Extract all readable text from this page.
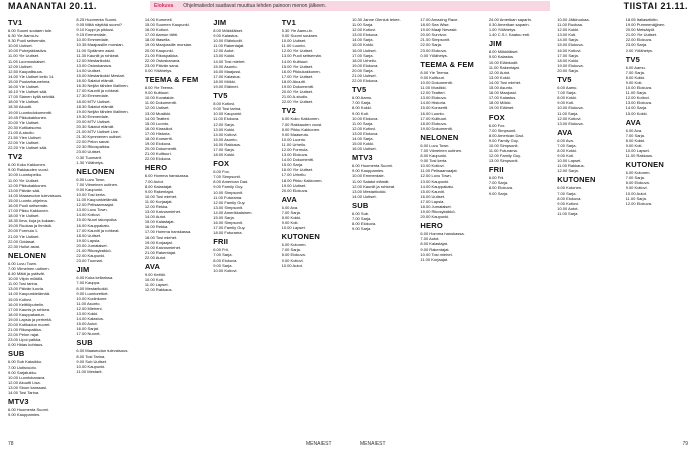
MAANANTAI 20.11.	Elokuva Ohjelmatiedot saattavat muuttua lehden painoon menon jälkeen.	TIISTAI 21.11.
TV1
6.00 Suomi soutaen tule.
6.30 Yle Aamu-tv.
9.30 Puoli seitsemän.
10.00 Uutiset.
10.00 Puhejakkasiiva.
11.00 Yle Uutiset.
11.05 Luonnoskaiset.
12.00 Uutiset.
12.50 Kaupallisuus.
14.00 Yle Uutiset kello 14.
15.00 Puutarhaunelmia.
16.00 Yle Uutiset.
16.10 Yle Uutiset sää.
17.00 Sianen kyllä selviää.
18.00 Yle Uutiset.
18.30 Akuutti.
19.00 Luontodokumentti.
19.45 Pikkukakkonen.
20.00 Yle Uutiset.
20.30 Kotikatsomo.
21.00 A-studio.
21.50 Ylen Uutiset.
22.00 Yle Uutiset.
22.20 Yle Uutiset sää.
TV2
6.00 Koko Kakkonen.
9.00 Rakkauden vuosi.
10.00 Luontopelko.
11.00 Yle Uutiset.
12.00 Pikkukakkonen.
13.00 Päivän sää.
14.00 Maaseudun tulevaisuus.
15.00 Luonto-ohjelma.
16.00 Puoli seitsemän.
17.00 Pikku Kakkonen.
18.00 Yle Uutiset.
18.30 Ilma, kuja ja kukaan.
19.00 Ruokaa ja ihmisiä.
20.00 Formula 1.
21.00 Yle Uutiset.
22.00 Oddasat.
22.30 Hullut asiat.
NELONEN
6.00 Luvu Town.
7.00 Viimeinen uutinen.
8.40 Mätä ja ystävät.
10.00 Vilpin mökillä.
11.00 Tosi tarina.
13.00 Päivän luovia.
14.00 Kaupunkielämää.
15.00 Kotiovi.
16.00 Keittiöpuhelin.
17.00 Kaunis ja rohkea.
18.00 Kauppakadun.
19.00 Lapsia ja perheitä.
20.00 Kotikadun nuoret.
21.00 Rikospaikka.
22.00 Pelon rajat.
23.00 Lipoi paikka.
0.00 Hidas kohtaus.
SUB
6.00 Sub Kaksikko.
7.00 Uutisvuoto.
9.00 Sarjatukku.
10.00 Luontokanava.
12.00 Akuutti Lisa.
13.00 Sinun kanssasi.
14.00 Tosi Tarina.
MTV3
6.00 Huomenta Suomi.
9.00 Kauppamies.
8.25 Huomenta Suomi.
9.05 Miltä näyttää suomi?
9.10 Kuppi ja pikkusi.
9.15 Emmerdale.
10.00 Emmerdale.
10.35 Maajussille morsian.
11.00 Sydämen asiat.
11.30 Kauniit ja rohkeat.
12.00 Mestarikokki.
13.00 Ostoskanava.
14.00 Uutiset.
15.00 Mestarikokki Mestari.
16.00 Salatut elämät.
16.30 Neljän tähden illallinen.
17.00 Kauniit ja rohkeat.
17.30 Emmerdale.
18.00 MTV Uutiset.
18.30 Salatut elämät.
19.00 Neljän tähden illallinen.
19.30 Emmerdale.
20.00 MTV Uutiset.
20.30 Salatut elämät.
21.00 MTV Uutiset Live.
21.30 Kymmenen uutiset.
22.00 Pelon sanat.
22.30 Rikospaikka.
23.00 Uutiset.
0.30 Tuomarit.
1.30 Yölähetys.
NELONEN
6.00 Luvu Town.
7.00 Viimeinen uutinen.
9.00 Kaupunki.
10.00 Tosi kerta.
11.00 Kaupunkielämää.
12.00 Pelisaarnaajat.
13.00 Luvu Town.
14.00 Kotiovi.
15.00 Nuori talonpoika.
16.00 Kauppakatu.
17.00 Kauniit ja rohkeat.
18.00 Uutiset.
19.00 Lapsia.
20.00 Jumalaiset.
21.00 Rikosyksikkö.
22.00 Kaupunki.
23.00 Tuomari.
JIM
6.00 Kuka kellarissa.
7.00 Kauppa.
8.00 Mestarikokki.
9.00 Luontoretket.
10.00 Kodinkone.
11.00 Asunto.
12.00 Mieheni.
13.00 Kokki.
14.00 Kalastus.
15.00 Autot.
16.00 Sarjat.
17.00 Nuoret.
SUB
6.00 Maaseudun tulevaisuus.
8.00 Tosi Tarina.
9.00 Sub Uutiset.
10.00 Kaupunki.
11.00 Mestarit.
14.00 Kummeli.
15.00 Suomen Kaupunki.
16.00 Kotiovi.
17.00 Aamun tähti.
18.00 Iltasella.
19.00 Maajussille morsian.
20.00 Kaupunki.
21.00 Rikospaikka.
22.00 Ostoskanava.
23.00 Päivän sana.
0.00 Yölähetys.
TEEMA & FEM
8.00 Yle Teema.
9.00 Kulttuuri.
10.00 Kuvataide.
11.00 Dokumentti.
12.00 Uutiset.
13.00 Musiikki.
14.00 Teatteri.
15.00 Luonto.
16.00 Klassikot.
17.00 Historia.
18.00 Konsertti.
19.00 Elokuva.
20.00 Dokumentti.
21.00 Kulttuuri.
22.00 Elokuva.
HERO
6.00 Homma hanskassa.
7.00 Autot.
8.00 Kalastajat.
9.00 Rakentajat.
10.00 Tosi miehet.
11.00 Korjaajat.
12.00 Rekka.
13.00 Kaivosmiehet.
14.00 Autot.
15.00 Kalastajat.
16.00 Rekka.
17.00 Homma hanskassa.
18.00 Tosi miehet.
19.00 Korjaajat.
20.00 Kaivosmiehet.
21.00 Rakentajat.
22.00 Autot.
AVA
9.00 Keittiö.
10.00 Koti.
11.00 Lapset.
12.00 Rakkaus.
JIM
8.00 Mökkiläiset.
9.00 Kalastus.
10.00 Eläinkodit.
11.00 Rakentajat.
12.00 Autot.
13.00 Kokki.
14.00 Tosi miehet.
15.00 Asunto.
16.00 Maajussi.
17.00 Kalastus.
18.00 Mökki.
19.00 Eläimet.
TV5
8.00 Kotiovi.
9.00 Tosi tarina.
10.00 Kaupunki.
11.00 Elokuva.
12.00 Sarja.
13.00 Kokki.
14.00 Kotiovi.
15.00 Asunto.
16.00 Rakkaus.
17.00 Sarja.
18.00 Kokki.
FOX
6.00 Fox.
7.00 Simpsonit.
8.00 American Dad.
9.00 Family Guy.
10.00 Simpsonit.
11.00 Futurama.
12.00 Family Guy.
13.00 Simpsonit.
14.00 Amerikkalainen.
15.00 Sarja.
16.00 Simpsonit.
17.00 Family Guy.
18.00 Futurama.
FRII
6.00 Frii.
7.00 Sarja.
8.00 Elokuva.
9.00 Sarja.
10.00 Kotiovi.
TV1
5.30 Yle Aamu-tv.
9.00 Suomi soutaen.
10.00 Uutiset.
11.00 Luonto.
12.00 Yle Uutiset.
13.00 Puoli seitsemän.
14.00 Kulttuuri.
15.00 Yle Uutiset.
16.00 Pikkukakkonen.
17.00 Yle Uutiset.
18.00 Akuutti.
19.00 Dokumentti.
20.00 Yle Uutiset.
21.00 A-studio.
22.00 Yle Uutiset.
TV2
6.00 Koko Kakkonen.
7.00 Rakkauden vuosi.
8.00 Pikku Kakkonen.
9.00 Maaseutu.
10.00 Luonto.
11.00 Urheilu.
12.00 Formula.
13.00 Elokuva.
14.00 Dokumentti.
15.00 Sarja.
16.00 Yle Uutiset.
17.00 Urheilu.
18.00 Pikku Kakkonen.
19.00 Uutiset.
20.00 Elokuva.
AVA
6.00 Ava.
7.00 Sarja.
8.00 Kokki.
9.00 Koti.
10.00 Lapset.
KUTONEN
6.00 Kutonen.
7.00 Sarja.
8.00 Elokuva.
9.00 Kotiovi.
10.00 Autot.
10.30 Janne Oleniuk tekee.
11.00 Sarja.
12.00 Kotiovi.
13.00 Elokuva.
14.00 Sarja.
15.00 Kokki.
16.00 Uutiset.
17.00 Sarja.
18.00 Urheilu.
19.00 Elokuva.
20.00 Sarja.
21.00 Uutiset.
22.00 Elokuva.
TV5
6.00 Aamu.
7.00 Sarja.
8.00 Kokki.
9.00 Koti.
10.00 Elokuva.
11.00 Sarja.
12.00 Kotiovi.
13.00 Elokuva.
14.00 Sarja.
15.00 Kokki.
16.00 Uutiset.
MTV3
6.00 Huomenta Suomi.
9.00 Kauppamies.
10.00 Emmerdale.
11.00 Salatut elämät.
12.00 Kauniit ja rohkeat.
13.00 Mestarikokki.
14.00 Uutiset.
SUB
6.00 Sub.
7.00 Sarja.
8.00 Elokuva.
9.00 Sarja.
17.00 Amazing Race.
18.00 Sea Wise.
19.00 Maaji Nevaski.
20.00 Survivor.
21.00 Simpsonit.
22.00 Sarja.
23.00 Elokuva.
0.00 Yölähetys.
TEEMA & FEM
8.00 Yle Teema.
9.00 Kulttuuri.
10.00 Dokumentti.
11.00 Musiikki.
12.00 Teatteri.
13.00 Elokuva.
14.00 Historia.
15.00 Konsertti.
16.00 Luonto.
17.00 Kulttuuri.
18.00 Elokuva.
19.00 Dokumentti.
NELONEN
6.00 Luvu Town.
7.00 Viimeinen uutinen.
8.00 Kaupunki.
9.00 Tosi kerta.
10.00 Kotiovi.
11.00 Pelisaarnaajat.
12.00 Luvu Town.
13.00 Kaupunki.
14.00 Kauppakatu.
15.00 Kauniit.
16.00 Uutiset.
17.00 Lapsia.
18.00 Jumalaiset.
19.00 Rikosyksikkö.
20.00 Kaupunki.
HERO
6.00 Homma hanskassa.
7.00 Autot.
8.00 Kalastajat.
9.00 Rakentajat.
10.00 Tosi miehet.
11.00 Korjaajat.
24.00 Amerikan saparin.
0.30 Amerikan saparin.
1.00 Yölähetys.
1.40 C.S.I. Kaatuu enti.
JIM
8.00 Mökkiläiset.
9.00 Kalastus.
10.00 Eläinkodit.
11.00 Rakentajat.
12.00 Autot.
13.00 Kokki.
14.00 Tosi miehet.
15.00 Asunto.
16.00 Maajussi.
17.00 Kalastus.
18.00 Mökki.
19.00 Eläimet.
FOX
6.00 Fox.
7.00 Simpsonit.
8.00 American Dad.
9.00 Family Guy.
10.00 Simpsonit.
11.00 Futurama.
12.00 Family Guy.
13.00 Simpsonit.
FRII
6.00 Frii.
7.00 Sarja.
8.00 Elokuva.
9.00 Sarja.
10.00 Jälkiruokaa.
11.00 Ruokaa.
12.00 Kokki.
13.00 Koti.
14.00 Sarja.
15.00 Elokuva.
16.00 Kotiovi.
17.00 Sarja.
18.00 Kokki.
19.00 Elokuva.
20.00 Sarja.
TV5
6.00 Aamu.
7.00 Sarja.
8.00 Kokki.
9.00 Koti.
10.00 Elokuva.
11.00 Sarja.
12.00 Kotiovi.
13.00 Elokuva.
AVA
6.00 Ava.
7.00 Sarja.
8.00 Kokki.
9.00 Koti.
10.00 Lapset.
11.00 Rakkaus.
12.00 Sarja.
KUTONEN
6.00 Kutonen.
7.00 Sarja.
8.00 Elokuva.
9.00 Kotiovi.
10.00 Autot.
11.00 Sarja.
18.05 Italiaselkitin.
19.00 Pummenäjjinen.
20.00 Metsätyöt.
21.00 Yle Uutiset.
22.00 Elokuva.
23.00 Sarja.
0.00 Yölähetys.
TV5
6.00 Aamu.
7.00 Sarja.
8.00 Kokki.
9.00 Koti.
10.00 Elokuva.
11.00 Sarja.
12.00 Kotiovi.
13.00 Elokuva.
14.00 Sarja.
15.00 Kokki.
AVA
6.00 Ava.
7.00 Sarja.
8.00 Kokki.
9.00 Koti.
10.00 Lapset.
11.00 Rakkaus.
KUTONEN
6.00 Kutonen.
7.00 Sarja.
8.00 Elokuva.
9.00 Kotiovi.
10.00 Autot.
11.00 Sarja.
12.00 Elokuva.
78	MENAIEST	MENAIEST	79
